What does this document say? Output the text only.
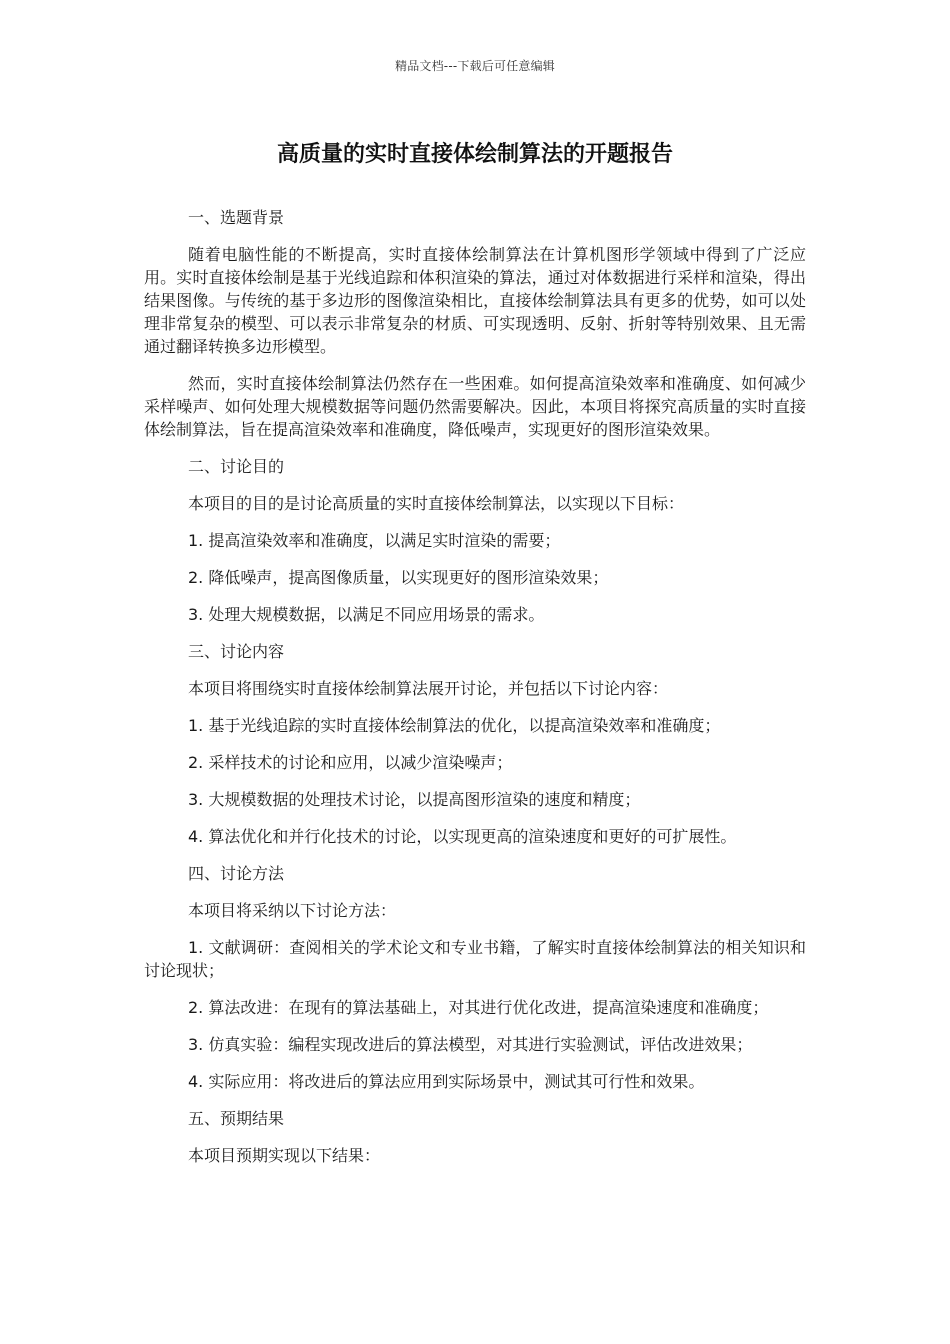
精品文档---下载后可任意编辑
高质量的实时直接体绘制算法的开题报告

一、选题背景

随着电脑性能的不断提高，实时直接体绘制算法在计算机图形学领域中得到了广泛应用。实时直接体绘制是基于光线追踪和体积渲染的算法，通过对体数据进行采样和渲染，得出结果图像。与传统的基于多边形的图像渲染相比，直接体绘制算法具有更多的优势，如可以处理非常复杂的模型、可以表示非常复杂的材质、可实现透明、反射、折射等特别效果、且无需通过翻译转换多边形模型。

然而，实时直接体绘制算法仍然存在一些困难。如何提高渲染效率和准确度、如何减少采样噪声、如何处理大规模数据等问题仍然需要解决。因此，本项目将探究高质量的实时直接体绘制算法，旨在提高渲染效率和准确度，降低噪声，实现更好的图形渲染效果。

二、讨论目的

本项目的目的是讨论高质量的实时直接体绘制算法，以实现以下目标：

1. 提高渲染效率和准确度，以满足实时渲染的需要；

2. 降低噪声，提高图像质量，以实现更好的图形渲染效果；

3. 处理大规模数据，以满足不同应用场景的需求。

三、讨论内容

本项目将围绕实时直接体绘制算法展开讨论，并包括以下讨论内容：

1. 基于光线追踪的实时直接体绘制算法的优化，以提高渲染效率和准确度；

2. 采样技术的讨论和应用，以减少渲染噪声；

3. 大规模数据的处理技术讨论，以提高图形渲染的速度和精度；

4. 算法优化和并行化技术的讨论，以实现更高的渲染速度和更好的可扩展性。

四、讨论方法

本项目将采纳以下讨论方法：

1. 文献调研：查阅相关的学术论文和专业书籍，了解实时直接体绘制算法的相关知识和讨论现状；

2. 算法改进：在现有的算法基础上，对其进行优化改进，提高渲染速度和准确度；

3. 仿真实验：编程实现改进后的算法模型，对其进行实验测试，评估改进效果；

4. 实际应用：将改进后的算法应用到实际场景中，测试其可行性和效果。

五、预期结果

本项目预期实现以下结果：
